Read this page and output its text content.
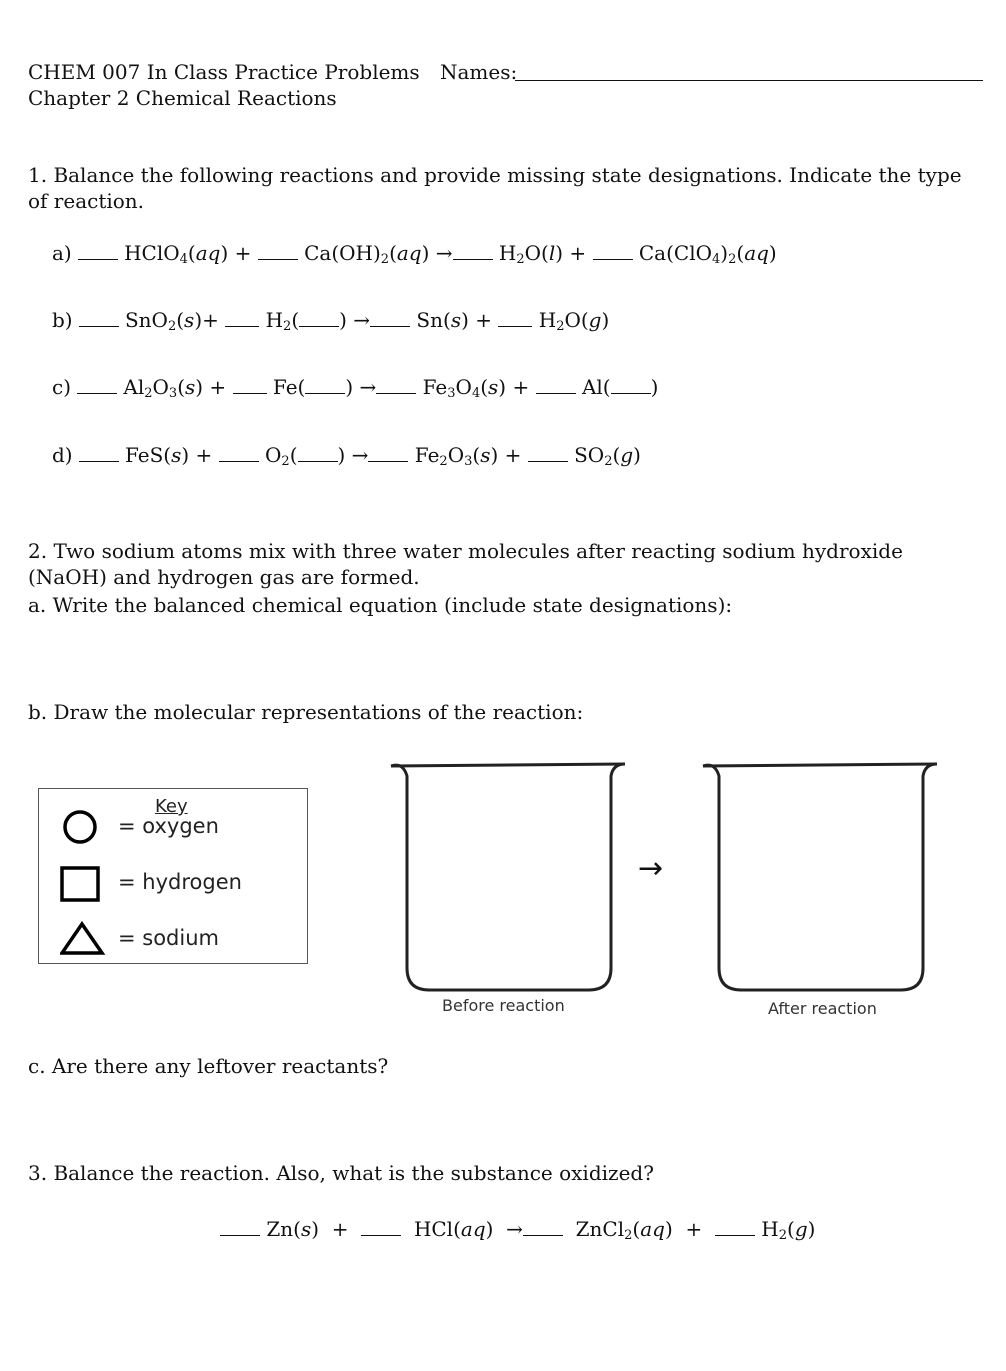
CHEM 007 In Class Practice Problems Names:
Chapter 2 Chemical Reactions
1. Balance the following reactions and provide missing state designations. Indicate the type of reaction.
a)	HClO$_4$(aq) +  $Ca(OH)_2(aq) \to H_2O(l) + Ca(ClO_4)_2(aq)$
b)	$SnO_2(s)+ H_2$( ) → $Sn(s) + H_2O(g)$
c)	$Al_2O_3(s) + Fe$( ) → $Fe_3O_4(s) + Al$( )
d)	$FeS(s) + O_2$( ) → $Fe_2O_3(s) + SO_2(g)$
2. Two sodium atoms mix with three water molecules after reacting sodium hydroxide (NaOH) and hydrogen gas are formed.
a. Write the balanced chemical equation (include state designations):
b. Draw the molecular representations of the reaction:
Key
= oxygen
= hydrogen
= sodium
Before reaction
→
After reaction
c. Are there any leftover reactants?
3. Balance the reaction. Also, what is the substance oxidized?
Zn(s)  +	HCl(aq)  →	ZnCl$_2$(aq)  +   $H_2(g)$
